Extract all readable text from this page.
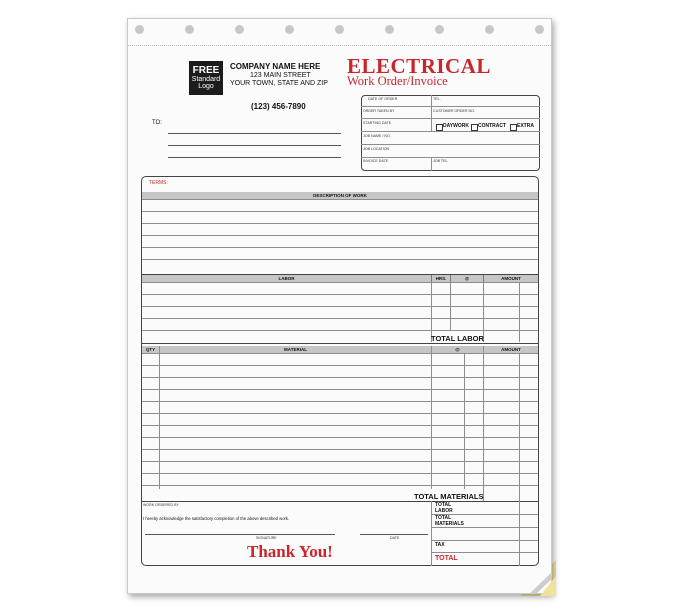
FREE
Standard
Logo
COMPANY NAME HERE
123 MAIN STREET
YOUR TOWN, STATE AND ZIP
(123) 456-7890
TO:
ELECTRICAL
Work Order/Invoice
DATE OF ORDER	TEL.
ORDER TAKEN BY	CUSTOMER ORDER NO.
STARTING DATE	DAYWORK CONTRACT EXTRA
JOB NAME / NO.
JOB LOCATION
INVOICE DATE	JOB TEL.
TERMS:
DESCRIPTION OF WORK
LABOR	HRS.	@	AMOUNT
TOTAL LABOR
QTY	MATERIAL	@	AMOUNT
TOTAL MATERIALS
WORK ORDERED BY
I hereby acknowledge the satisfactory completion of the above described work.
SIGNATURE	DATE
Thank You!
TOTAL LABOR
TOTAL MATERIALS
TAX
TOTAL
